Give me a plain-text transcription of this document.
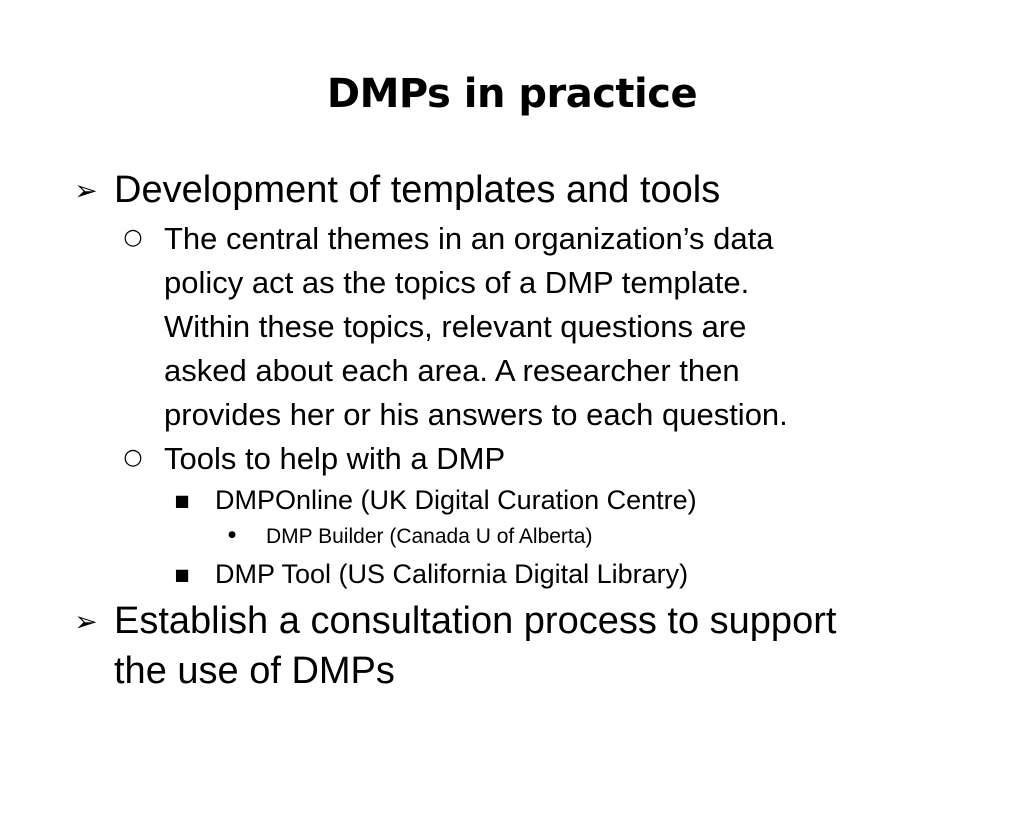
DMPs in practice
➢ Development of templates and tools
○ The central themes in an organization’s data
policy act as the topics of a DMP template.
Within these topics, relevant questions are
asked about each area. A researcher then
provides her or his answers to each question.
○ Tools to help with a DMP
■ DMPOnline (UK Digital Curation Centre)
● DMP Builder (Canada U of Alberta)
■ DMP Tool (US California Digital Library)
➢ Establish a consultation process to support
the use of DMPs
